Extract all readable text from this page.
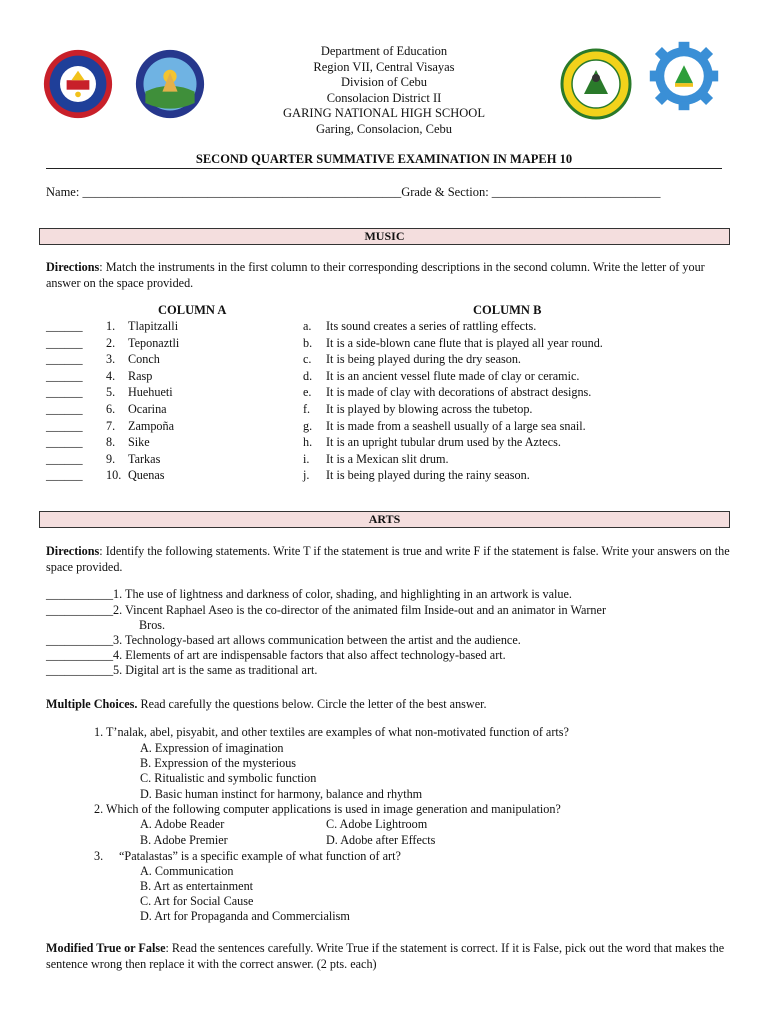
Department of Education
Region VII, Central Visayas
Division of Cebu
Consolacion District II
GARING NATIONAL HIGH SCHOOL
Garing, Consolacion, Cebu
SECOND QUARTER SUMMATIVE EXAMINATION IN MAPEH 10
Name: ___________________________________________________Grade & Section: ___________________________
MUSIC
Directions: Match the instruments in the first column to their corresponding descriptions in the second column. Write the letter of your answer on the space provided.
COLUMN A	COLUMN B
______ 1. Tlapitzalli	a. Its sound creates a series of rattling effects.
______ 2. Teponaztli	b. It is a side-blown cane flute that is played all year round.
______ 3. Conch	c. It is being played during the dry season.
______ 4. Rasp	d. It is an ancient vessel flute made of clay or ceramic.
______ 5. Huehueti	e. It is made of clay with decorations of abstract designs.
______ 6. Ocarina	f. It is played by blowing across the tubetop.
______ 7. Zampoña	g. It is made from a seashell usually of a large sea snail.
______ 8. Sike	h. It is an upright tubular drum used by the Aztecs.
______ 9. Tarkas	i. It is a Mexican slit drum.
______ 10. Quenas	j. It is being played during the rainy season.
ARTS
Directions: Identify the following statements. Write T if the statement is true and write F if the statement is false. Write your answers on the space provided.
___________1. The use of lightness and darkness of color, shading, and highlighting in an artwork is value.
___________2. Vincent Raphael Aseo is the co-director of the animated film Inside-out and an animator in Warner
Bros.
___________3. Technology-based art allows communication between the artist and the audience.
___________4. Elements of art are indispensable factors that also affect technology-based art.
___________5. Digital art is the same as traditional art.
Multiple Choices. Read carefully the questions below. Circle the letter of the best answer.
1. T’nalak, abel, pisyabit, and other textiles are examples of what non-motivated function of arts?
A. Expression of imagination
B. Expression of the mysterious
C. Ritualistic and symbolic function
D. Basic human instinct for harmony, balance and rhythm
2. Which of the following computer applications is used in image generation and manipulation?
A. Adobe Reader	C. Adobe Lightroom
B. Adobe Premier	D. Adobe after Effects
3. “Patalastas” is a specific example of what function of art?
A. Communication
B. Art as entertainment
C. Art for Social Cause
D. Art for Propaganda and Commercialism
Modified True or False: Read the sentences carefully. Write True if the statement is correct. If it is False, pick out the word that makes the sentence wrong then replace it with the correct answer. (2 pts. each)
